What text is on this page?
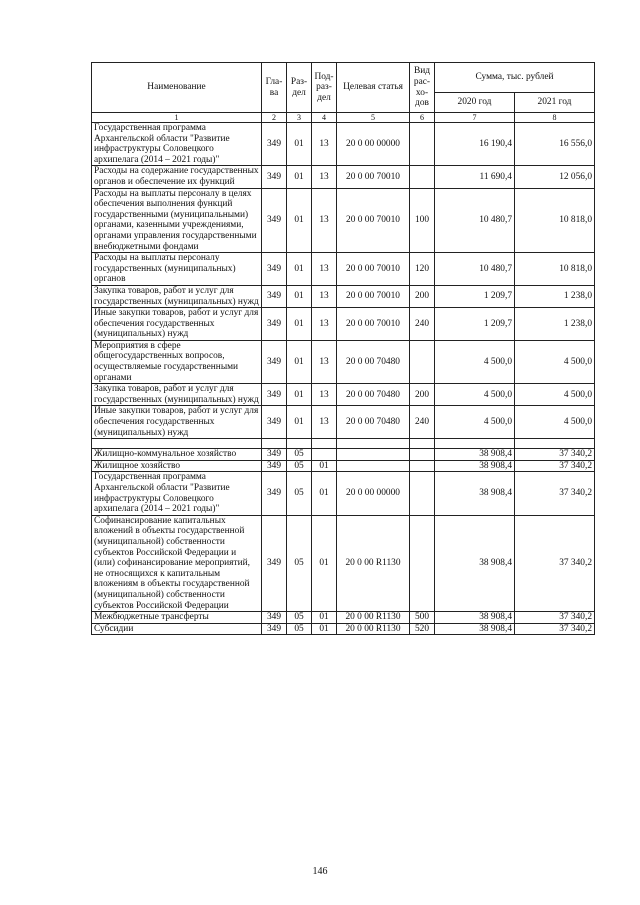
Наименование	Гла-ва	Раз-дел	Под-раз-дел	Целевая статья	Вид рас-хо-дов	Сумма, тыс. рублей	
						2020 год	2021 год
1	2	3	4	5	6	7	8
Государственная программа Архангельской области "Развитие инфраструктуры Соловецкого архипелага (2014 – 2021 годы)"	349	01	13	20 0 00 00000		16 190,4	16 556,0
Расходы на содержание государственных органов и обеспечение их функций	349	01	13	20 0 00 70010		11 690,4	12 056,0
Расходы на выплаты персоналу в целях обеспечения выполнения функций государственными (муниципальными) органами, казенными учреждениями, органами управления государственными внебюджетными фондами	349	01	13	20 0 00 70010	100	10 480,7	10 818,0
Расходы на выплаты персоналу государственных (муниципальных) органов	349	01	13	20 0 00 70010	120	10 480,7	10 818,0
Закупка товаров, работ и услуг для государственных (муниципальных) нужд	349	01	13	20 0 00 70010	200	1 209,7	1 238,0
Иные закупки товаров, работ и услуг для обеспечения государственных (муниципальных) нужд	349	01	13	20 0 00 70010	240	1 209,7	1 238,0
Мероприятия в сфере общегосударственных вопросов, осуществляемые государственными органами	349	01	13	20 0 00 70480		4 500,0	4 500,0
Закупка товаров, работ и услуг для государственных (муниципальных) нужд	349	01	13	20 0 00 70480	200	4 500,0	4 500,0
Иные закупки товаров, работ и услуг для обеспечения государственных (муниципальных) нужд	349	01	13	20 0 00 70480	240	4 500,0	4 500,0

Жилищно-коммунальное хозяйство	349	05				38 908,4	37 340,2
Жилищное хозяйство	349	05	01			38 908,4	37 340,2
Государственная программа Архангельской области "Развитие инфраструктуры Соловецкого архипелага (2014 – 2021 годы)"	349	05	01	20 0 00 00000		38 908,4	37 340,2
Софинансирование капитальных вложений в объекты государственной (муниципальной) собственности субъектов Российской Федерации и (или) софинансирование мероприятий, не относящихся к капитальным вложениям в объекты государственной (муниципальной) собственности субъектов Российской Федерации	349	05	01	20 0 00 R1130		38 908,4	37 340,2
Межбюджетные трансферты	349	05	01	20 0 00 R1130	500	38 908,4	37 340,2
Субсидии	349	05	01	20 0 00 R1130	520	38 908,4	37 340,2
146
